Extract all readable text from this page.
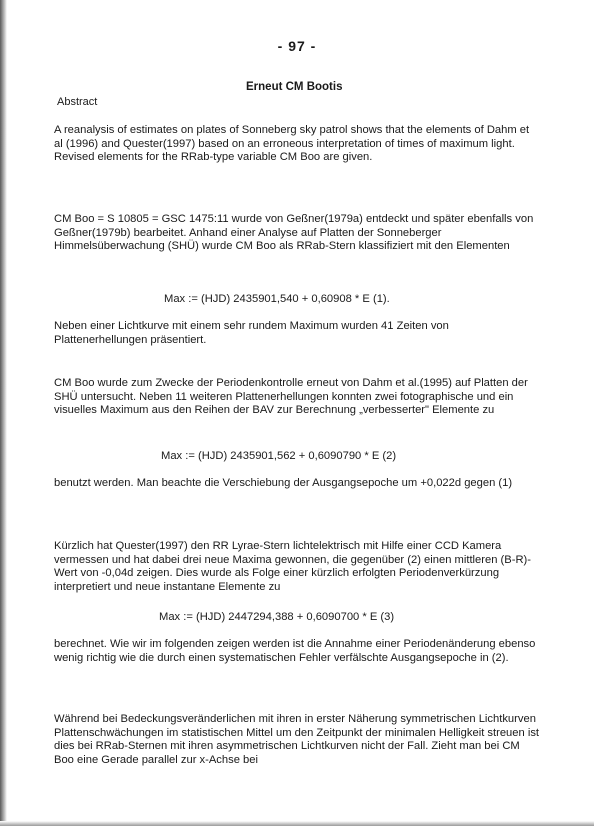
- 97 -
Erneut CM Bootis
Abstract

A reanalysis of estimates on plates of Sonneberg sky patrol shows that the elements of Dahm et al (1996) and Quester(1997) based on an erroneous interpretation of times of maximum light. Revised elements for the RRab-type variable CM Boo are given.

CM Boo = S 10805 = GSC 1475:11 wurde von Geßner(1979a) entdeckt und später ebenfalls von Geßner(1979b) bearbeitet. Anhand einer Analyse auf Platten der Sonneberger Himmelsüberwachung (SHÜ) wurde CM Boo als RRab-Stern klassifiziert mit den Elementen

Max := (HJD) 2435901,540 + 0,60908 * E (1).

Neben einer Lichtkurve mit einem sehr rundem Maximum wurden 41 Zeiten von Plattenerhellungen präsentiert.

CM Boo wurde zum Zwecke der Periodenkontrolle erneut von Dahm et al.(1995) auf Platten der SHÜ untersucht. Neben 11 weiteren Plattenerhellungen konnten zwei fotographische und ein visuelles Maximum aus den Reihen der BAV zur Berechnung „verbesserter" Elemente zu

Max := (HJD) 2435901,562 + 0,6090790 * E (2)

benutzt werden. Man beachte die Verschiebung der Ausgangsepoche um +0,022d gegen (1)

Kürzlich hat Quester(1997) den RR Lyrae-Stern lichtelektrisch mit Hilfe einer CCD Kamera vermessen und hat dabei drei neue Maxima gewonnen, die gegenüber (2) einen mittleren (B-R)-Wert von -0,04d zeigen. Dies wurde als Folge einer kürzlich erfolgten Periodenverkürzung interpretiert und neue instantane Elemente zu

Max := (HJD) 2447294,388 + 0,6090700 * E (3)

berechnet. Wie wir im folgenden zeigen werden ist die Annahme einer Periodenänderung ebenso wenig richtig wie die durch einen systematischen Fehler verfälschte Ausgangsepoche in (2).

Während bei Bedeckungsveränderlichen mit ihren in erster Näherung symmetrischen Lichtkurven Plattenschwächungen im statistischen Mittel um den Zeitpunkt der minimalen Helligkeit streuen ist dies bei RRab-Sternen mit ihren asymmetrischen Lichtkurven nicht der Fall. Zieht man bei CM Boo eine Gerade parallel zur x-Achse bei
